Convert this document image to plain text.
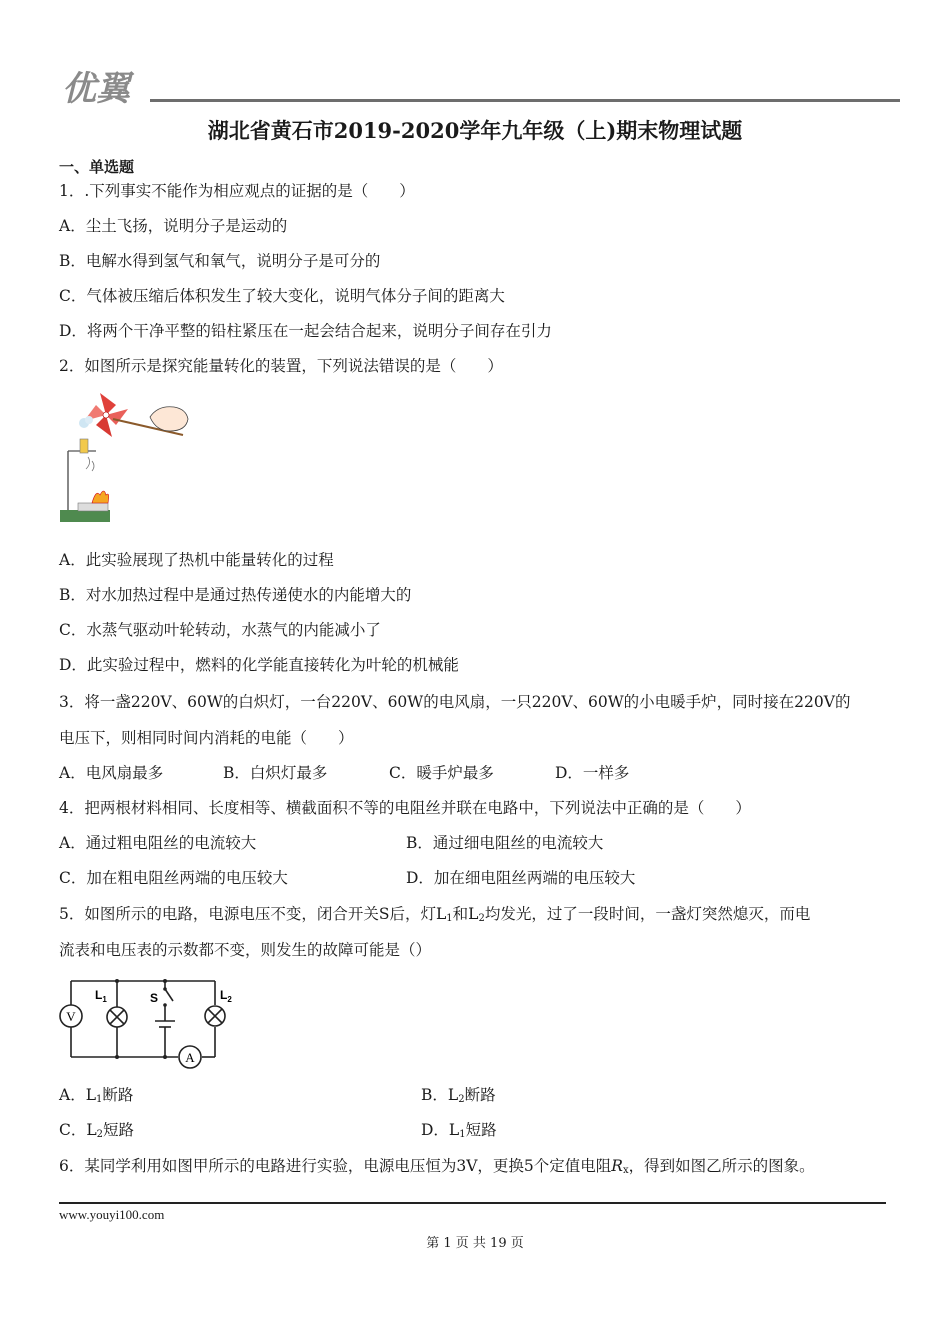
优翼
湖北省黄石市2019-2020学年九年级（上)期末物理试题
一、单选题
1．.下列事实不能作为相应观点的证据的是（　　）
A．尘土飞扬，说明分子是运动的
B．电解水得到氢气和氧气，说明分子是可分的
C．气体被压缩后体积发生了较大变化，说明气体分子间的距离大
D．将两个干净平整的铅柱紧压在一起会结合起来，说明分子间存在引力
2．如图所示是探究能量转化的装置，下列说法错误的是（　　）
A．此实验展现了热机中能量转化的过程
B．对水加热过程中是通过热传递使水的内能增大的
C．水蒸气驱动叶轮转动，水蒸气的内能减小了
D．此实验过程中，燃料的化学能直接转化为叶轮的机械能
3．将一盏220V、60W的白炽灯，一台220V、60W的电风扇，一只220V、60W的小电暖手炉，同时接在220V的
电压下，则相同时间内消耗的电能（　　）
A．电风扇最多	B．白炽灯最多	C．暖手炉最多	D．一样多
4．把两根材料相同、长度相等、横截面积不等的电阻丝并联在电路中，下列说法中正确的是（　　）
A．通过粗电阻丝的电流较大	B．通过细电阻丝的电流较大
C．加在粗电阻丝两端的电压较大	D．加在细电阻丝两端的电压较大
5．如图所示的电路，电源电压不变，闭合开关S后，灯$L_1$和$L_2$均发光，过了一段时间，一盏灯突然熄灭，而电
流表和电压表的示数都不变，则发生的故障可能是（）
V
A
S
$L_1$	$L_2$
A．$L_1$断路	B．$L_2$断路
C．$L_2$短路	D．$L_1$短路
6．某同学利用如图甲所示的电路进行实验，电源电压恒为3V，更换5个定值电阻$R_x$，得到如图乙所示的图象。
www.youyi100.com
第 1 页 共 19 页
